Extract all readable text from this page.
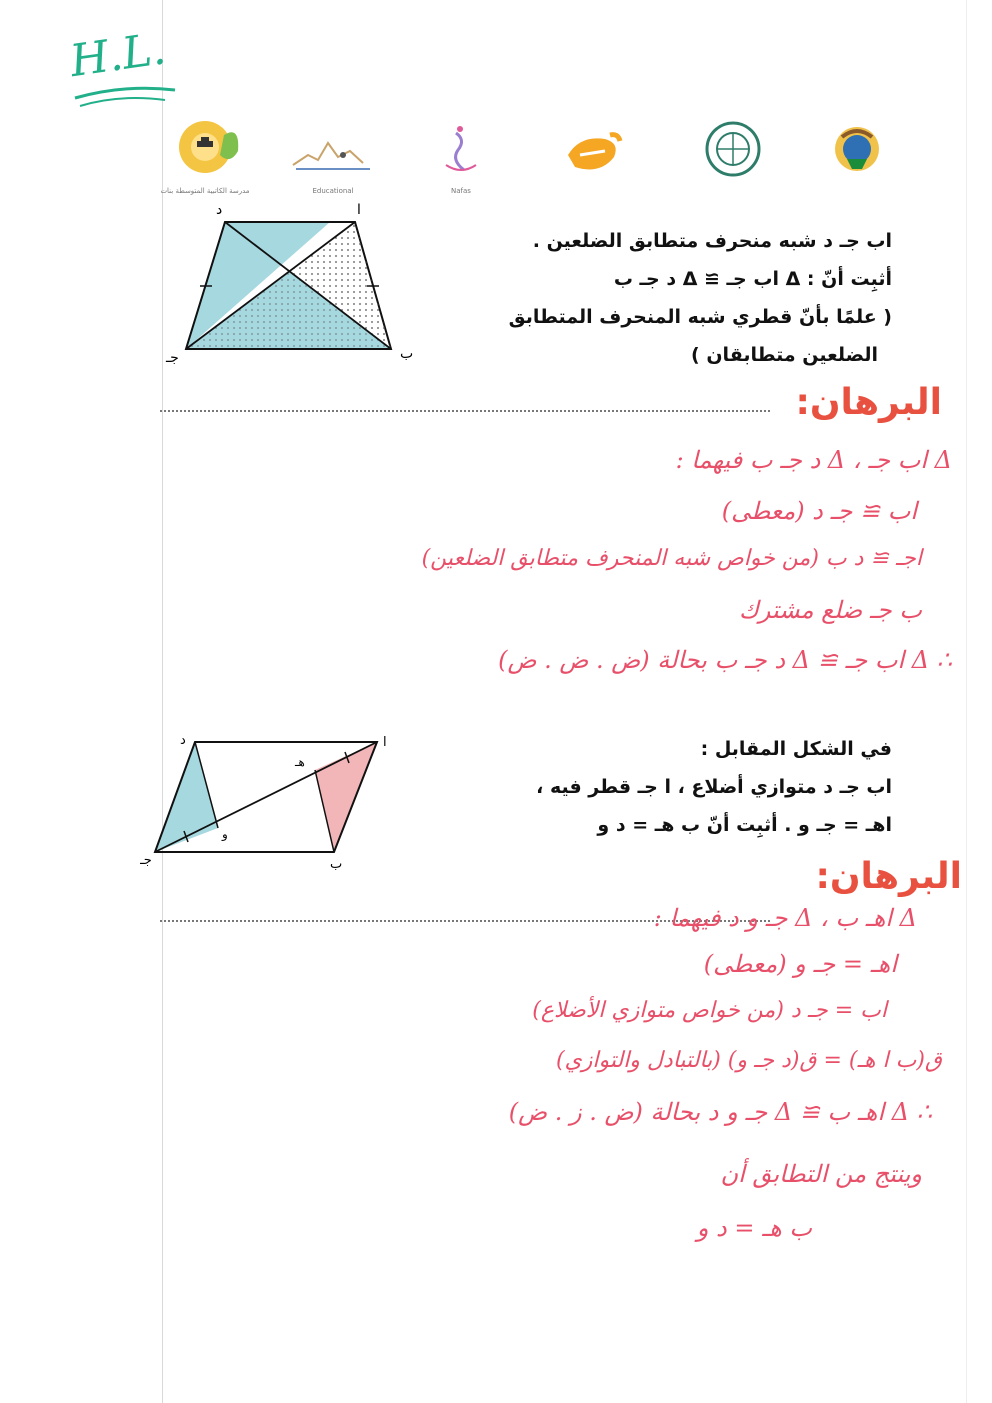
H.L.
مدرسة الكاتبية المتوسطة بنات	Educational	Nafas
د	ﺍ
جـ	ب
ﺍب جـ د شبه منحرف متطابق الضلعين .
أثبِت أنّ : Δ ﺍب جـ ≅ Δ د جـ ب
( علمًا بأنّ قطري شبه المنحرف المتطابق
الضلعين متطابقان )
البرهان:
Δ ﺍب جـ ، Δ د جـ ب فيهما :
ﺍب ≅ جـ د (معطى)
ﺍجـ ≅ د ب (من خواص شبه المنحرف متطابق الضلعين)
ب جـ ضلع مشترك
∴ Δ ﺍب جـ ≅ Δ د جـ ب بحالة (ض . ض . ض)
د	ﺍ
جـ	ب
هـ
و
في الشكل المقابل :
ﺍب جـ د متوازي أضلاع ، ﺍ جـ قطر فيه ،
ﺍهـ = جـ و . أثبِت أنّ ب هـ = د و
البرهان:
Δ ﺍهـ ب ، Δ جـ و د فيهما :
ﺍهـ = جـ و (معطى)
ﺍب = جـ د (من خواص متوازي الأضلاع)
ق(ب ﺍ هـ) = ق(د جـ و) (بالتبادل والتوازي)
∴ Δ ﺍهـ ب ≅ Δ جـ و د بحالة (ض . ز . ض)
وينتج من التطابق أن
ب هـ = د و
